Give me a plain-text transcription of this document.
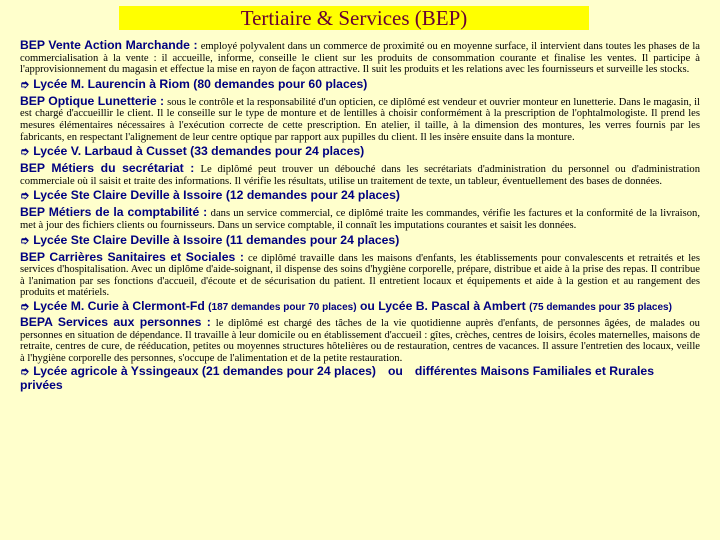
Tertiaire & Services (BEP)
BEP Vente Action Marchande : employé polyvalent dans un commerce de proximité ou en moyenne surface, il intervient dans toutes les phases de la commercialisation à la vente : il accueille, informe, conseille le client sur les produits de consommation courante et finalise les ventes. Il participe à l'approvisionnement du magasin et effectue la mise en rayon de façon attractive. Il suit les produits et les relations avec les fournisseurs et surveille les stocks.
➮ Lycée M. Laurencin à Riom (80 demandes pour 60 places)
BEP Optique Lunetterie : sous le contrôle et la responsabilité d'un opticien, ce diplômé est vendeur et ouvrier monteur en lunetterie. Dans le magasin, il est chargé d'accueillir le client. Il le conseille sur le type de monture et de lentilles à choisir conformément à la prescription de l'ophtalmologiste. Il prend les mesures élémentaires nécessaires à l'exécution correcte de cette prescription. En atelier, il taille, à la dimension des montures, les verres fournis par les fabricants, en respectant l'alignement de leur centre optique par rapport aux pupilles du client. Il les insère ensuite dans la monture.
➮ Lycée V. Larbaud à Cusset (33 demandes pour 24 places)
BEP Métiers du secrétariat : Le diplômé peut trouver un débouché dans les secrétariats d'administration du personnel ou d'administration commerciale où il saisit et traite des informations. Il vérifie les résultats, utilise un traitement de texte, un tableur, éventuellement des bases de données.
➮ Lycée Ste Claire Deville à Issoire (12 demandes pour 24 places)
BEP Métiers de la comptabilité : dans un service commercial, ce diplômé traite les commandes, vérifie les factures et la conformité de la livraison, met à jour des fichiers clients ou fournisseurs. Dans un service comptable, il connaît les imputations courantes et saisit les données.
➮ Lycée Ste Claire Deville à Issoire (11 demandes pour 24 places)
BEP Carrières Sanitaires et Sociales : ce diplômé travaille dans les maisons d'enfants, les établissements pour convalescents et retraités et les services d'hospitalisation. Avec un diplôme d'aide-soignant, il dispense des soins d'hygiène corporelle, prépare, distribue et aide à la prise des repas. Il contribue à l'animation par ses fonctions d'accueil, d'écoute et de sécurisation du patient. Il entretient locaux et équipements et aide à la gestion et au rangement des produits et matériels.
➮ Lycée M. Curie à Clermont-Fd (187 demandes pour 70 places) ou Lycée B. Pascal à Ambert (75 demandes pour 35 places)
BEPA Services aux personnes : le diplômé est chargé des tâches de la vie quotidienne auprès d'enfants, de personnes âgées, de malades ou personnes en situation de dépendance. Il travaille à leur domicile ou en établissement d'accueil : gîtes, crèches, centres de loisirs, écoles maternelles, maisons de retraite, centres de cure, de rééducation, petites ou moyennes structures hôtelières ou de restauration, centres de vacances. Il assure l'entretien des locaux, veille à l'hygiène corporelle des personnes, s'occupe de l'alimentation et de la petite restauration.
➮ Lycée agricole à Yssingeaux (21 demandes pour 24 places) ou différentes Maisons Familiales et Rurales privées
